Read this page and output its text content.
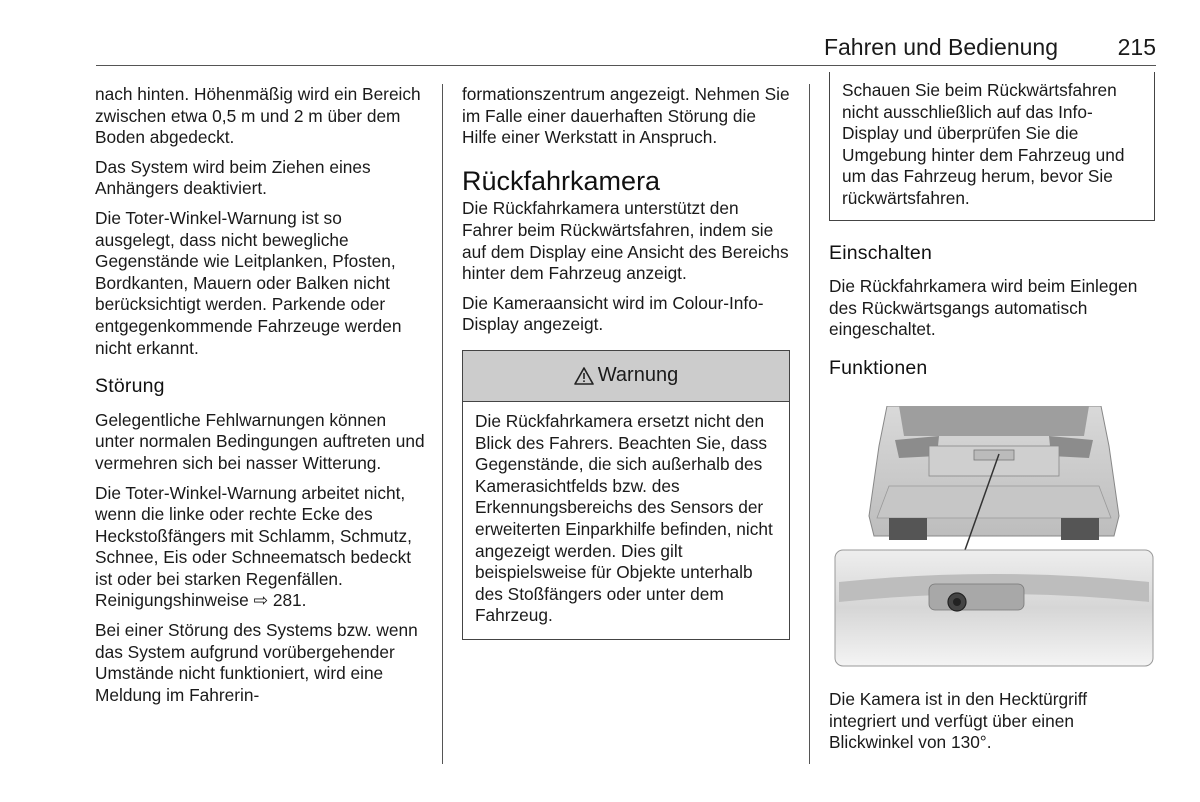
Fahren und Bedienung	215

nach hinten. Höhenmäßig wird ein Bereich zwischen etwa 0,5 m und 2 m über dem Boden abgedeckt.

Das System wird beim Ziehen eines Anhängers deaktiviert.

Die Toter-Winkel-Warnung ist so ausgelegt, dass nicht bewegliche Gegenstände wie Leitplanken, Pfosten, Bordkanten, Mauern oder Balken nicht berücksichtigt werden. Parkende oder entgegenkommende Fahrzeuge werden nicht erkannt.

Störung

Gelegentliche Fehlwarnungen können unter normalen Bedingungen auftreten und vermehren sich bei nasser Witterung.

Die Toter-Winkel-Warnung arbeitet nicht, wenn die linke oder rechte Ecke des Heckstoßfängers mit Schlamm, Schmutz, Schnee, Eis oder Schneematsch bedeckt ist oder bei starken Regenfällen. Reinigungshinweise ⇨ 281.

Bei einer Störung des Systems bzw. wenn das System aufgrund vorübergehender Umstände nicht funktioniert, wird eine Meldung im Fahrerin-

formationszentrum angezeigt. Nehmen Sie im Falle einer dauerhaften Störung die Hilfe einer Werkstatt in Anspruch.

Rückfahrkamera

Die Rückfahrkamera unterstützt den Fahrer beim Rückwärtsfahren, indem sie auf dem Display eine Ansicht des Bereichs hinter dem Fahrzeug anzeigt.

Die Kameraansicht wird im Colour-Info-Display angezeigt.

Warnung
Die Rückfahrkamera ersetzt nicht den Blick des Fahrers. Beachten Sie, dass Gegenstände, die sich außerhalb des Kamerasichtfelds bzw. des Erkennungsbereichs des Sensors der erweiterten Einparkhilfe befinden, nicht angezeigt werden. Dies gilt beispielsweise für Objekte unterhalb des Stoßfängers oder unter dem Fahrzeug.
Schauen Sie beim Rückwärtsfahren nicht ausschließlich auf das Info-Display und überprüfen Sie die Umgebung hinter dem Fahrzeug und um das Fahrzeug herum, bevor Sie rückwärtsfahren.
Einschalten

Die Rückfahrkamera wird beim Einlegen des Rückwärtsgangs automatisch eingeschaltet.

Funktionen

Die Kamera ist in den Hecktürgriff integriert und verfügt über einen Blickwinkel von 130°.
